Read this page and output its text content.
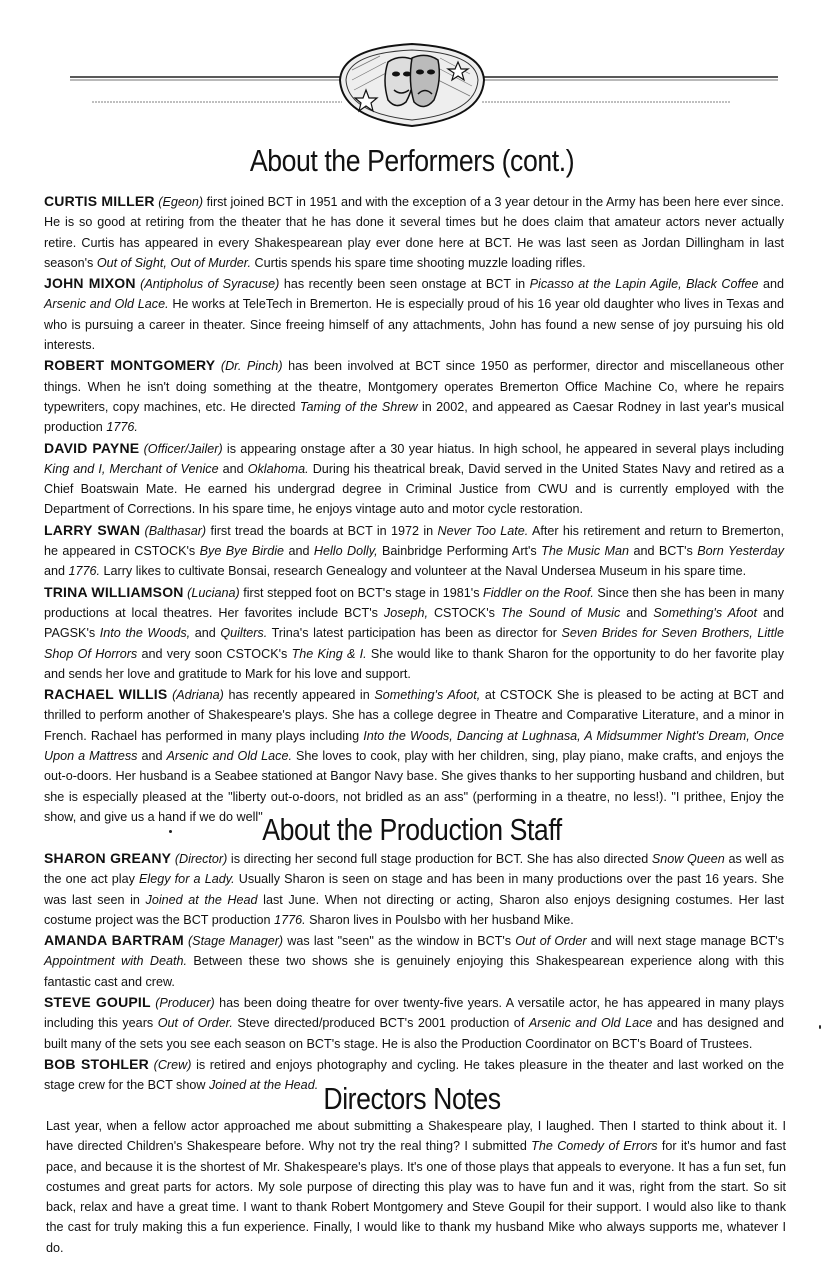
About the Performers (cont.)

CURTIS MILLER (Egeon) first joined BCT in 1951 and with the exception of a 3 year detour in the Army has been here ever since. He is so good at retiring from the theater that he has done it several times but he does claim that amateur actors never actually retire. Curtis has appeared in every Shakespearean play ever done here at BCT. He was last seen as Jordan Dillingham in last season's Out of Sight, Out of Murder. Curtis spends his spare time shooting muzzle loading rifles.

JOHN MIXON (Antipholus of Syracuse) has recently been seen onstage at BCT in Picasso at the Lapin Agile, Black Coffee and Arsenic and Old Lace. He works at TeleTech in Bremerton. He is especially proud of his 16 year old daughter who lives in Texas and who is pursuing a career in theater. Since freeing himself of any attachments, John has found a new sense of joy pursuing his old interests.

ROBERT MONTGOMERY (Dr. Pinch) has been involved at BCT since 1950 as performer, director and miscellaneous other things. When he isn't doing something at the theatre, Montgomery operates Bremerton Office Machine Co, where he repairs typewriters, copy machines, etc. He directed Taming of the Shrew in 2002, and appeared as Caesar Rodney in last year's musical production 1776.

DAVID PAYNE (Officer/Jailer) is appearing onstage after a 30 year hiatus. In high school, he appeared in several plays including King and I, Merchant of Venice and Oklahoma. During his theatrical break, David served in the United States Navy and retired as a Chief Boatswain Mate. He earned his undergrad degree in Criminal Justice from CWU and is currently employed with the Department of Corrections. In his spare time, he enjoys vintage auto and motor cycle restoration.

LARRY SWAN (Balthasar) first tread the boards at BCT in 1972 in Never Too Late. After his retirement and return to Bremerton, he appeared in CSTOCK's Bye Bye Birdie and Hello Dolly, Bainbridge Performing Art's The Music Man and BCT's Born Yesterday and 1776. Larry likes to cultivate Bonsai, research Genealogy and volunteer at the Naval Undersea Museum in his spare time.

TRINA WILLIAMSON (Luciana) first stepped foot on BCT's stage in 1981's Fiddler on the Roof. Since then she has been in many productions at local theatres. Her favorites include BCT's Joseph, CSTOCK's The Sound of Music and Something's Afoot and PAGSK's Into the Woods, and Quilters. Trina's latest participation has been as director for Seven Brides for Seven Brothers, Little Shop Of Horrors and very soon CSTOCK's The King & I. She would like to thank Sharon for the opportunity to do her favorite play and sends her love and gratitude to Mark for his love and support.

RACHAEL WILLIS (Adriana) has recently appeared in Something's Afoot, at CSTOCK She is pleased to be acting at BCT and thrilled to perform another of Shakespeare's plays. She has a college degree in Theatre and Comparative Literature, and a minor in French. Rachael has performed in many plays including Into the Woods, Dancing at Lughnasa, A Midsummer Night's Dream, Once Upon a Mattress and Arsenic and Old Lace. She loves to cook, play with her children, sing, play piano, make crafts, and enjoys the out-o-doors. Her husband is a Seabee stationed at Bangor Navy base. She gives thanks to her supporting husband and children, but she is especially pleased at the "liberty out-o-doors, not bridled as an ass" (performing in a theatre, no less!). "I prithee, Enjoy the show, and give us a hand if we do well" About the Production Staff

SHARON GREANY (Director) is directing her second full stage production for BCT. She has also directed Snow Queen as well as the one act play Elegy for a Lady. Usually Sharon is seen on stage and has been in many productions over the past 16 years. She was last seen in Joined at the Head last June. When not directing or acting, Sharon also enjoys designing costumes. Her last costume project was the BCT production 1776. Sharon lives in Poulsbo with her husband Mike.

AMANDA BARTRAM (Stage Manager) was last "seen" as the window in BCT's Out of Order and will next stage manage BCT's Appointment with Death. Between these two shows she is genuinely enjoying this Shakespearean experience along with this fantastic cast and crew.

STEVE GOUPIL (Producer) has been doing theatre for over twenty-five years. A versatile actor, he has appeared in many plays including this years Out of Order. Steve directed/produced BCT's 2001 production of Arsenic and Old Lace and has designed and built many of the sets you see each season on BCT's stage. He is also the Production Coordinator on BCT's Board of Trustees.

BOB STOHLER (Crew) is retired and enjoys photography and cycling. He takes pleasure in the theater and last worked on the stage crew for the BCT show Joined at the Head. Directors Notes

Last year, when a fellow actor approached me about submitting a Shakespeare play, I laughed. Then I started to think about it. I have directed Children's Shakespeare before. Why not try the real thing? I submitted The Comedy of Errors for it's humor and fast pace, and because it is the shortest of Mr. Shakespeare's plays. It's one of those plays that appeals to everyone. It has a fun set, fun costumes and great parts for actors. My sole purpose of directing this play was to have fun and it was, right from the start. So sit back, relax and have a great time. I want to thank Robert Montgomery and Steve Goupil for their support. I would also like to thank the cast for truly making this a fun experience. Finally, I would like to thank my husband Mike who always supports me, whatever I do.
